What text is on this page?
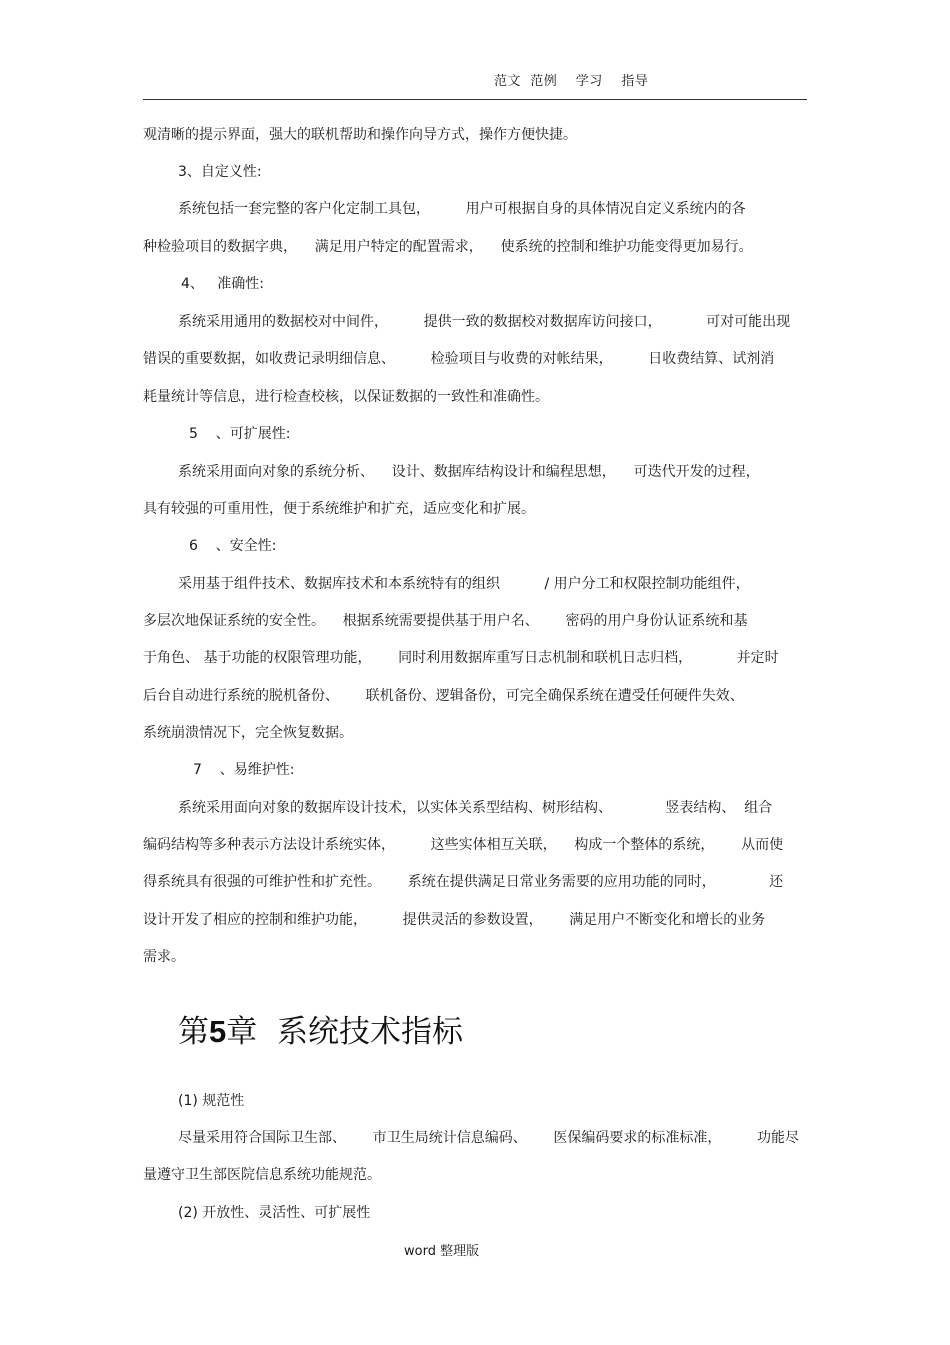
范文  范例    学习    指导
观清晰的提示界面，强大的联机帮助和操作向导方式，操作方便快捷。
3、自定义性:
系统包括一套完整的客户化定制工具包，        用户可根据自身的具体情况自定义系统内的各
种检验项目的数据字典，    满足用户特定的配置需求，    使系统的控制和维护功能变得更加易行。
4、   准确性:
系统采用通用的数据校对中间件，        提供一致的数据校对数据库访问接口，          可对可能出现
错误的重要数据，如收费记录明细信息、        检验项目与收费的对帐结果，        日收费结算、试剂消
耗量统计等信息，进行检查校核，以保证数据的一致性和准确性。
5    、可扩展性:
系统采用面向对象的系统分析、    设计、数据库结构设计和编程思想，    可迭代开发的过程，
具有较强的可重用性，便于系统维护和扩充，适应变化和扩展。
6    、安全性:
采用基于组件技术、数据库技术和本系统特有的组织          / 用户分工和权限控制功能组件，
多层次地保证系统的安全性。    根据系统需要提供基于用户名、      密码的用户身份认证系统和基
于角色、 基于功能的权限管理功能，      同时利用数据库重写日志机制和联机日志归档，          并定时
后台自动进行系统的脱机备份、      联机备份、逻辑备份，可完全确保系统在遭受任何硬件失效、
系统崩溃情况下，完全恢复数据。
7    、易维护性:
系统采用面向对象的数据库设计技术，以实体关系型结构、树形结构、            竖表结构、  组合
编码结构等多种表示方法设计系统实体，        这些实体相互关联，    构成一个整体的系统，      从而使
得系统具有很强的可维护性和扩充性。      系统在提供满足日常业务需要的应用功能的同时，            还
设计开发了相应的控制和维护功能，        提供灵活的参数设置，      满足用户不断变化和增长的业务
需求。
第5章  系统技术指标
(1) 规范性
尽量采用符合国际卫生部、      市卫生局统计信息编码、      医保编码要求的标准标准，        功能尽
量遵守卫生部医院信息系统功能规范。
(2) 开放性、灵活性、可扩展性
word 整理版
